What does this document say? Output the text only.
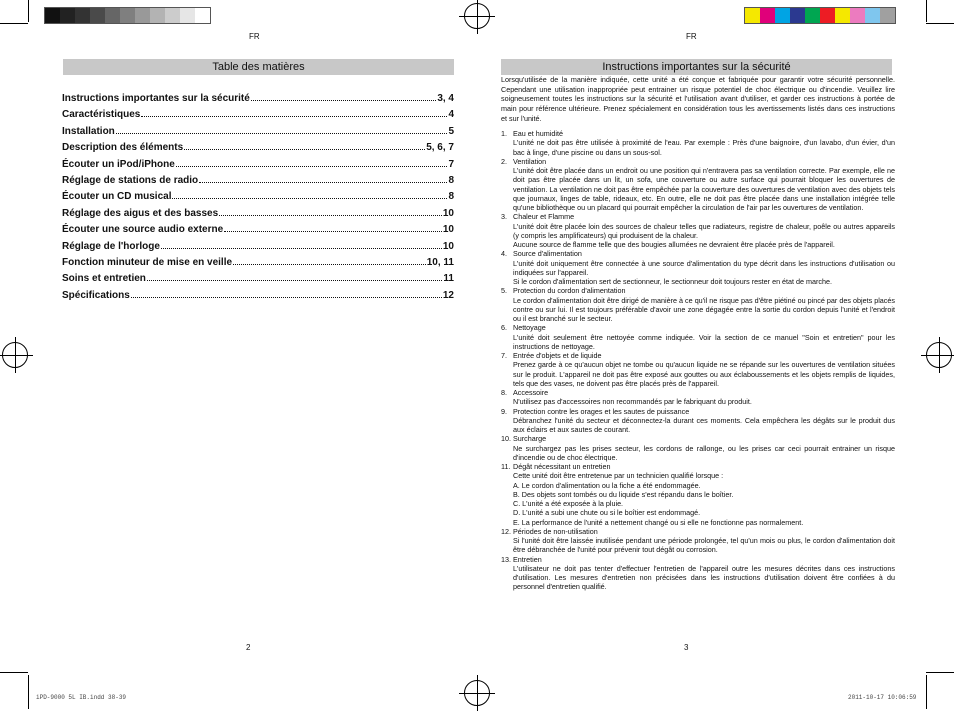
FR
Table des matières
Instructions importantes sur la sécurité	3, 4
Caractéristiques	4
Installation	5
Description des éléments	5, 6, 7
Écouter un iPod/iPhone	7
Réglage de stations de radio	8
Écouter un CD musical	8
Réglage des aigus et des basses	10
Écouter une source audio externe	10
Réglage de l'horloge	10
Fonction minuteur de mise en veille	10, 11
Soins et entretien	11
Spécifications	12
2
iPD-9000 5L IB.indd 38-39
FR
Instructions importantes sur la sécurité
Lorsqu'utilisée de la manière indiquée, cette unité a été conçue et fabriquée pour garantir votre sécurité personnelle. Cependant une utilisation inappropriée peut entrainer un risque potentiel de choc électrique ou d'incendie. Veuillez lire soigneusement toutes les instructions sur la sécurité et l'utilisation avant d'utiliser, et garder ces instructions à portée de main pour référence ultérieure. Prenez spécialement en considération tous les avertissements listés dans ces instructions et sur l'unité.
1. Eau et humidité
L'unité ne doit pas être utilisée à proximité de l'eau. Par exemple : Près d'une baignoire, d'un lavabo, d'un évier, d'un bac à linge, d'une piscine ou dans un sous-sol.
2. Ventilation
L'unité doit être placée dans un endroit ou une position qui n'entravera pas sa ventilation correcte. Par exemple, elle ne doit pas être placée dans un lit, un sofa, une couverture ou autre surface qui pourrait bloquer les ouvertures de ventilation. La ventilation ne doit pas être empêchée par la couverture des ouvertures de ventilation avec des objets tels que journaux, linges de table, rideaux, etc. En outre, elle ne doit pas être placée dans une installation intégrée telle qu'une bibliothèque ou un placard qui pourrait empêcher la circulation de l'air par les ouvertures de ventilation.
3. Chaleur et Flamme
L'unité doit être placée loin des sources de chaleur telles que radiateurs, registre de chaleur, poêle ou autres appareils (y compris les amplificateurs) qui produisent de la chaleur.
Aucune source de flamme telle que des bougies allumées ne devraient être placée près de l'appareil.
4. Source d'alimentation
L'unité doit uniquement être connectée à une source d'alimentation du type décrit dans les instructions d'utilisation ou indiquées sur l'appareil.
Si le cordon d'alimentation sert de sectionneur, le sectionneur doit toujours rester en état de marche.
5. Protection du cordon d'alimentation
Le cordon d'alimentation doit être dirigé de manière à ce qu'il ne risque pas d'être piétiné ou pincé par des objets placés contre ou sur lui. Il est toujours préférable d'avoir une zone dégagée entre la sortie du cordon depuis l'unité et l'endroit ou il est branché sur le secteur.
6. Nettoyage
L'unité doit seulement être nettoyée comme indiquée. Voir la section de ce manuel "Soin et entretien" pour les instructions de nettoyage.
7. Entrée d'objets et de liquide
Prenez garde à ce qu'aucun objet ne tombe ou qu'aucun liquide ne se répande sur les ouvertures de ventilation situées sur le produit. L'appareil ne doit pas être exposé aux gouttes ou aux éclaboussements et les objets remplis de liquides, tels que des vases, ne doivent pas être placés près de l'appareil.
8. Accessoire
N'utilisez pas d'accessoires non recommandés par le fabriquant du produit.
9. Protection contre les orages et les sautes de puissance
Débranchez l'unité du secteur et déconnectez-la durant ces moments. Cela empêchera les dégâts sur le produit dus aux éclairs et aux sautes de courant.
10. Surcharge
Ne surchargez pas les prises secteur, les cordons de rallonge, ou les prises car ceci pourrait entrainer un risque d'incendie ou de choc électrique.
11. Dégât nécessitant un entretien
Cette unité doit être entretenue par un technicien qualifié lorsque :
A. Le cordon d'alimentation ou la fiche a été endommagée.
B. Des objets sont tombés ou du liquide s'est répandu dans le boîtier.
C. L'unité a été exposée à la pluie.
D. L'unité a subi une chute ou si le boîtier est endommagé.
E. La performance de l'unité a nettement changé ou si elle ne fonctionne pas normalement.
12. Périodes de non-utilisation
Si l'unité doit être laissée inutilisée pendant une période prolongée, tel qu'un mois ou plus, le cordon d'alimentation doit être débranchée de l'unité pour prévenir tout dégât ou corrosion.
13. Entretien
L'utilisateur ne doit pas tenter d'effectuer l'entretien de l'appareil outre les mesures décrites dans ces instructions d'utilisation. Les mesures d'entretien non précisées dans les instructions d'utilisation doivent être confiées à du personnel d'entretien qualifié.
3
2011-10-17 10:06:59
